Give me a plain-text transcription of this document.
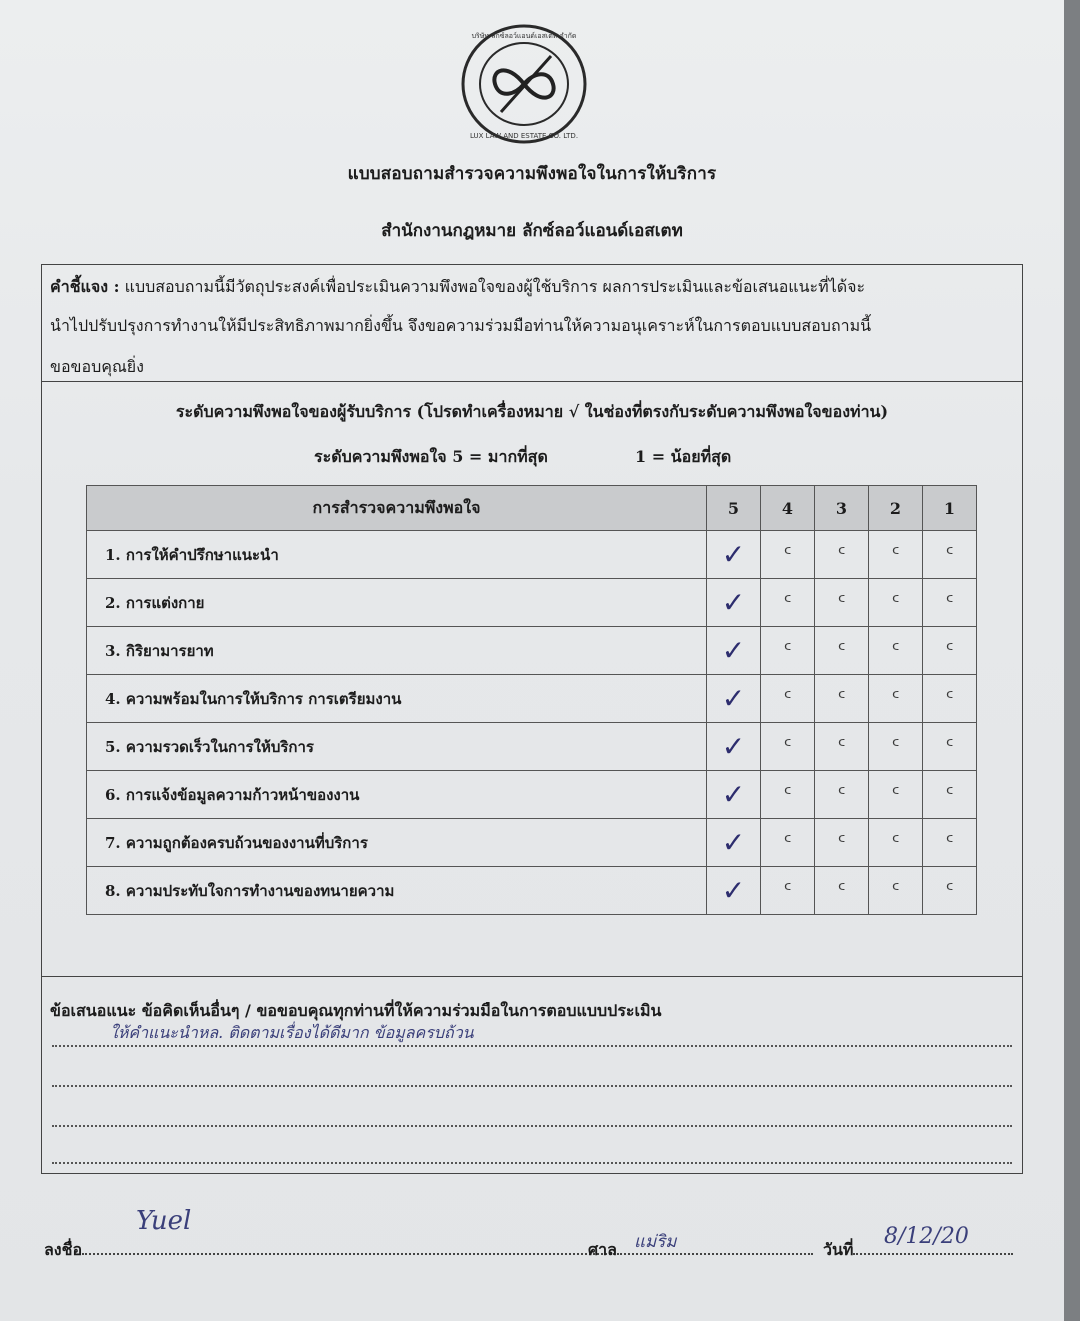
บริษัท ลักซ์ลอว์แอนด์เอสเตท จำกัด
LUX LAW AND ESTATE CO. LTD.
แบบสอบถามสำรวจความพึงพอใจในการให้บริการ
สำนักงานกฎหมาย ลักซ์ลอว์แอนด์เอสเตท
คำชี้แจง : แบบสอบถามนี้มีวัตถุประสงค์เพื่อประเมินความพึงพอใจของผู้ใช้บริการ ผลการประเมินและข้อเสนอแนะที่ได้จะ
นำไปปรับปรุงการทำงานให้มีประสิทธิภาพมากยิ่งขึ้น จึงขอความร่วมมือท่านให้ความอนุเคราะห์ในการตอบแบบสอบถามนี้
ขอขอบคุณยิ่ง
ระดับความพึงพอใจของผู้รับบริการ (โปรดทำเครื่องหมาย √ ในช่องที่ตรงกับระดับความพึงพอใจของท่าน)
ระดับความพึงพอใจ 5 = มากที่สุด	1 = น้อยที่สุด
การสำรวจความพึงพอใจ	5	4	3	2	1
1. การให้คำปรึกษาแนะนำ	✓	ᑦ	ᑦ	ᑦ	ᑦ
2. การแต่งกาย	✓	ᑦ	ᑦ	ᑦ	ᑦ
3. กิริยามารยาท	✓	ᑦ	ᑦ	ᑦ	ᑦ
4. ความพร้อมในการให้บริการ การเตรียมงาน	✓	ᑦ	ᑦ	ᑦ	ᑦ
5. ความรวดเร็วในการให้บริการ	✓	ᑦ	ᑦ	ᑦ	ᑦ
6. การแจ้งข้อมูลความก้าวหน้าของงาน	✓	ᑦ	ᑦ	ᑦ	ᑦ
7. ความถูกต้องครบถ้วนของงานที่บริการ	✓	ᑦ	ᑦ	ᑦ	ᑦ
8. ความประทับใจการทำงานของทนายความ	✓	ᑦ	ᑦ	ᑦ	ᑦ
ข้อเสนอแนะ ข้อคิดเห็นอื่นๆ / ขอขอบคุณทุกท่านที่ให้ความร่วมมือในการตอบแบบประเมิน
ให้คำแนะนำหล. ติดตามเรื่องได้ดีมาก ข้อมูลครบถ้วน
ลงชื่อ
Yuel
ศาล	แม่ริม	วันที่
8/12/20
